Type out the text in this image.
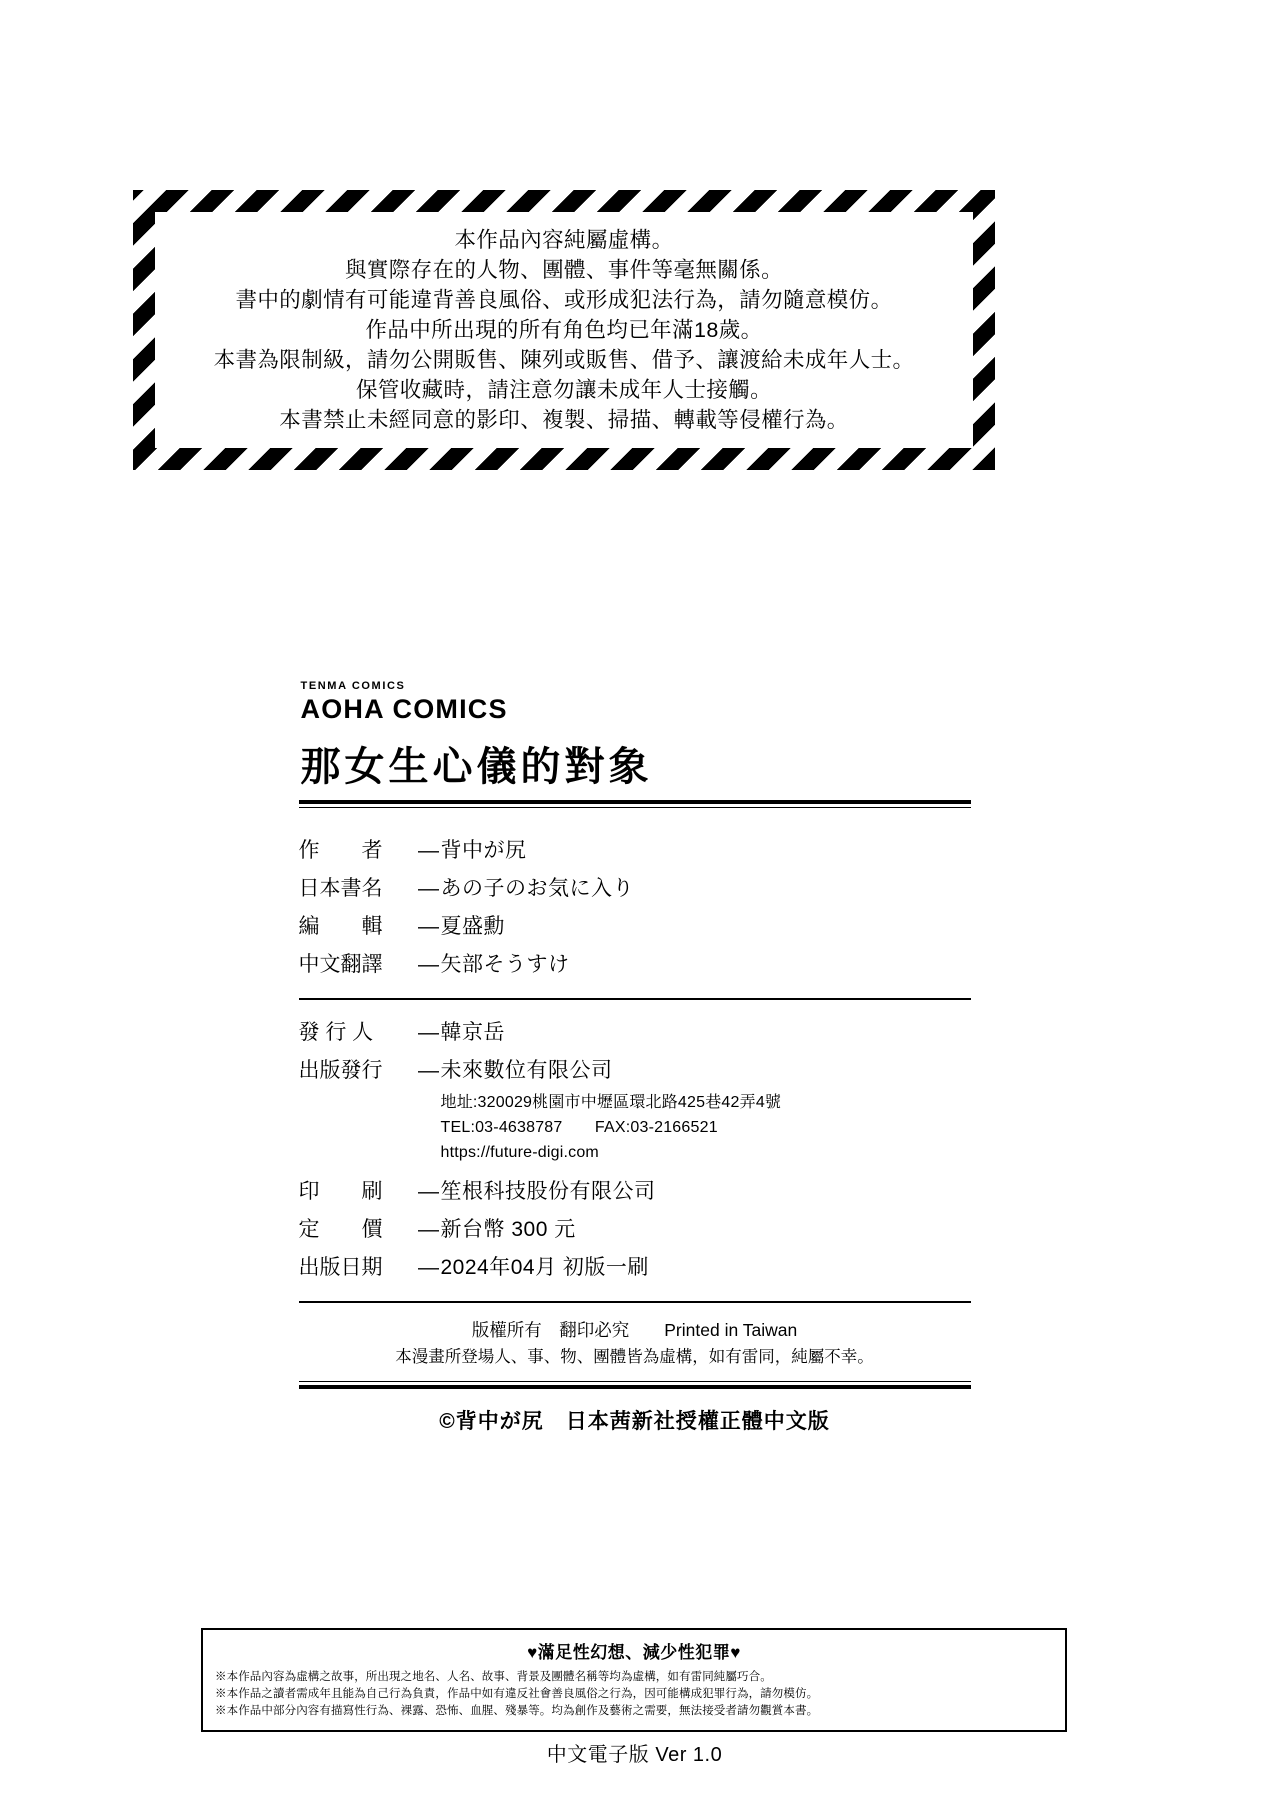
本作品內容純屬虛構。
與實際存在的人物、團體、事件等毫無關係。
書中的劇情有可能違背善良風俗、或形成犯法行為，請勿隨意模仿。
作品中所出現的所有角色均已年滿18歲。
本書為限制級，請勿公開販售、陳列或販售、借予、讓渡給未成年人士。
保管收藏時，請注意勿讓未成年人士接觸。
本書禁止未經同意的影印、複製、掃描、轉載等侵權行為。
TENMA COMICS
AOHA COMICS
那女生心儀的對象
作　　者	— 背中が尻
日本書名	— あの子のお気に入り
編　　輯	— 夏盛勳
中文翻譯	— 矢部そうすけ
發 行 人	— 韓京岳
出版發行	— 未來數位有限公司
地址:320029桃園市中壢區環北路425巷42弄4號
TEL:03-4638787　　FAX:03-2166521
https://future-digi.com
印　　刷	— 笙根科技股份有限公司
定　　價	— 新台幣 300 元
出版日期	— 2024年04月 初版一刷
版權所有　翻印必究　　Printed in Taiwan
本漫畫所登場人、事、物、團體皆為虛構，如有雷同，純屬不幸。
©背中が尻　日本茜新社授權正體中文版
♥滿足性幻想、減少性犯罪♥
※本作品內容為虛構之故事，所出現之地名、人名、故事、背景及團體名稱等均為虛構，如有雷同純屬巧合。
※本作品之讀者需成年且能為自己行為負責，作品中如有違反社會善良風俗之行為，因可能構成犯罪行為，請勿模仿。
※本作品中部分內容有描寫性行為、裸露、恐怖、血腥、殘暴等。均為創作及藝術之需要，無法接受者請勿觀賞本書。
中文電子版 Ver 1.0
